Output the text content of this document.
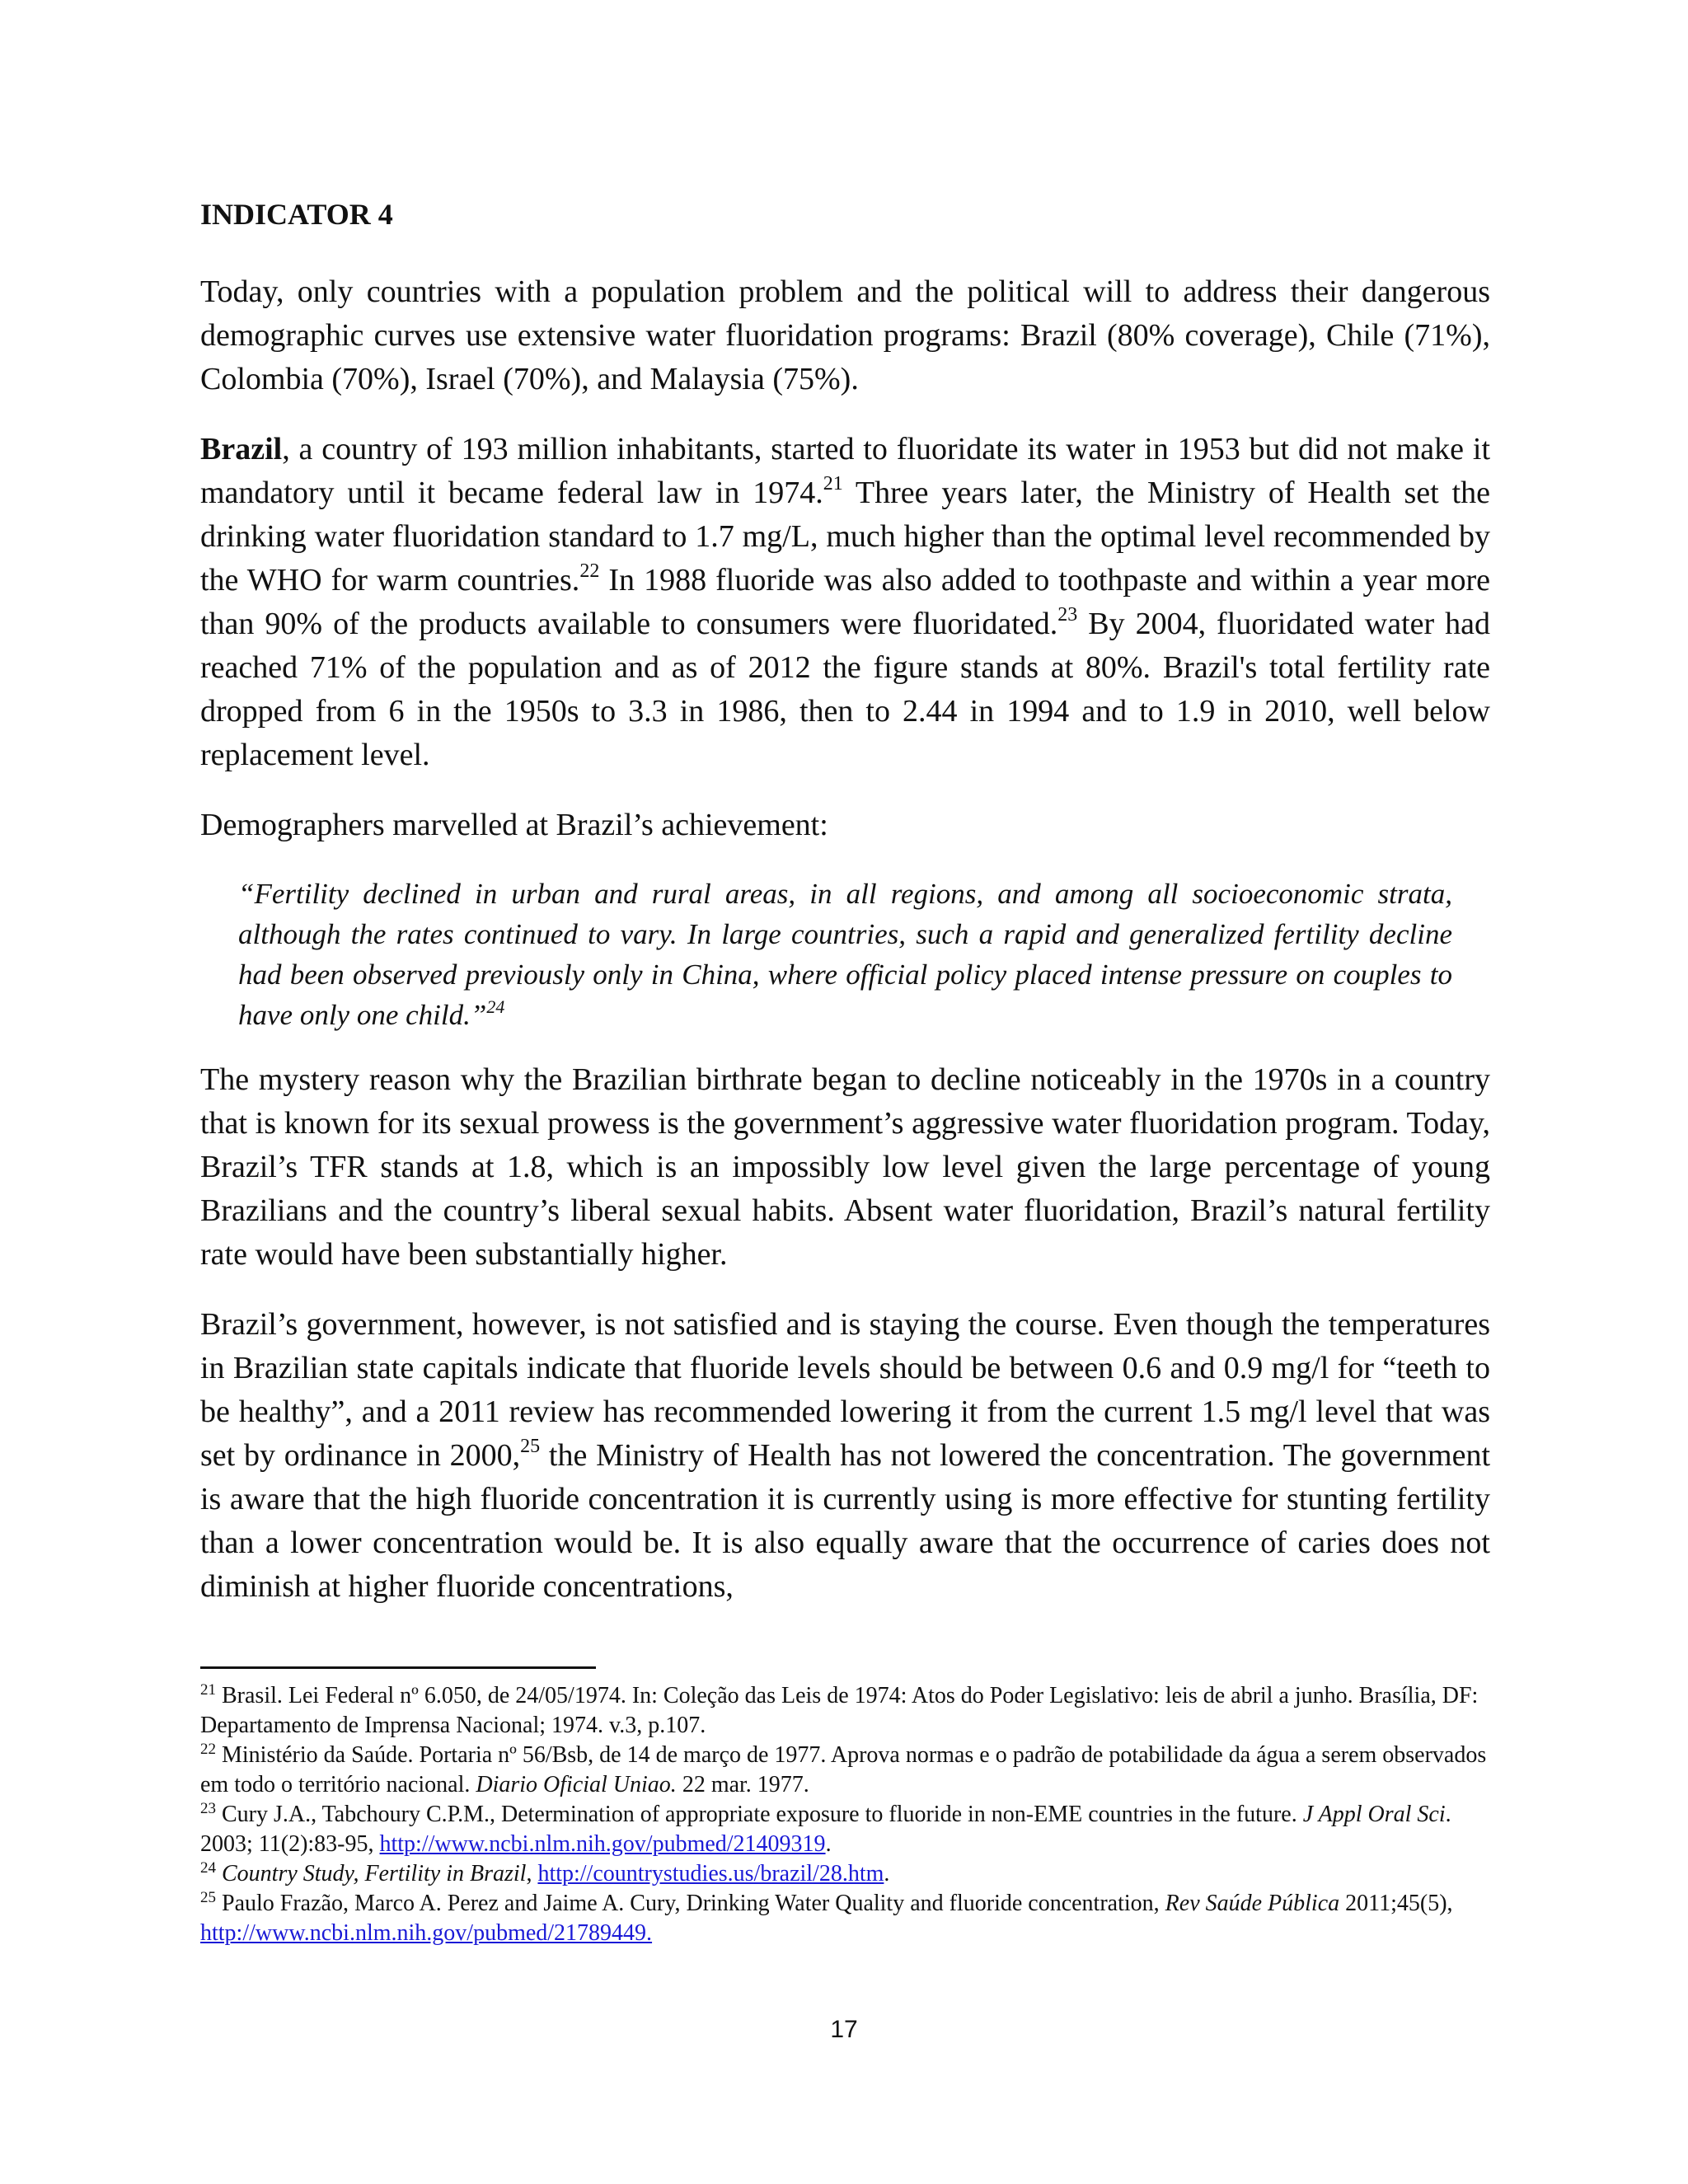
INDICATOR 4

Today, only countries with a population problem and the political will to address their dangerous demographic curves use extensive water fluoridation programs: Brazil (80% coverage), Chile (71%), Colombia (70%), Israel (70%), and Malaysia (75%).

Brazil, a country of 193 million inhabitants, started to fluoridate its water in 1953 but did not make it mandatory until it became federal law in 1974.21 Three years later, the Ministry of Health set the drinking water fluoridation standard to 1.7 mg/L, much higher than the optimal level recommended by the WHO for warm countries.$^{22}$ In 1988 fluoride was also added to toothpaste and within a year more than 90% of the products available to consumers were fluoridated.$^{23}$ By 2004, fluoridated water had reached 71% of the population and as of 2012 the figure stands at 80%. Brazil's total fertility rate dropped from 6 in the 1950s to 3.3 in 1986, then to 2.44 in 1994 and to 1.9 in 2010, well below replacement level.

Demographers marvelled at Brazil’s achievement:

“Fertility declined in urban and rural areas, in all regions, and among all socioeconomic strata, although the rates continued to vary. In large countries, such a rapid and generalized fertility decline had been observed previously only in China, where official policy placed intense pressure on couples to have only one child.”$^{24}$

The mystery reason why the Brazilian birthrate began to decline noticeably in the 1970s in a country that is known for its sexual prowess is the government’s aggressive water fluoridation program. Today, Brazil’s TFR stands at 1.8, which is an impossibly low level given the large percentage of young Brazilians and the country’s liberal sexual habits. Absent water fluoridation, Brazil’s natural fertility rate would have been substantially higher.

Brazil’s government, however, is not satisfied and is staying the course. Even though the temperatures in Brazilian state capitals indicate that fluoride levels should be between 0.6 and 0.9 mg/l for “teeth to be healthy”, and a 2011 review has recommended lowering it from the current 1.5 mg/l level that was set by ordinance in 2000,25 the Ministry of Health has not lowered the concentration. The government is aware that the high fluoride concentration it is currently using is more effective for stunting fertility than a lower concentration would be. It is also equally aware that the occurrence of caries does not diminish at higher fluoride concentrations,

$^{21}$ Brasil. Lei Federal nº 6.050, de 24/05/1974. In: Coleção das Leis de 1974: Atos do Poder Legislativo: leis de abril a junho. Brasília, DF: Departamento de Imprensa Nacional; 1974. v.3, p.107.

$^{22}$ Ministério da Saúde. Portaria nº 56/Bsb, de 14 de março de 1977. Aprova normas e o padrão de potabilidade da água a serem observados em todo o território nacional. Diario Oficial Uniao. 22 mar. 1977.

$^{23}$ Cury J.A., Tabchoury C.P.M., Determination of appropriate exposure to fluoride in non-EME countries in the future. J Appl Oral Sci. 2003; 11(2):83-95, http://www.ncbi.nlm.nih.gov/pubmed/21409319.

$^{24}$ Country Study, Fertility in Brazil, http://countrystudies.us/brazil/28.htm.

$^{25}$ Paulo Frazão, Marco A. Perez and Jaime A. Cury, Drinking Water Quality and fluoride concentration, Rev Saúde Pública 2011;45(5), http://www.ncbi.nlm.nih.gov/pubmed/21789449.

17
